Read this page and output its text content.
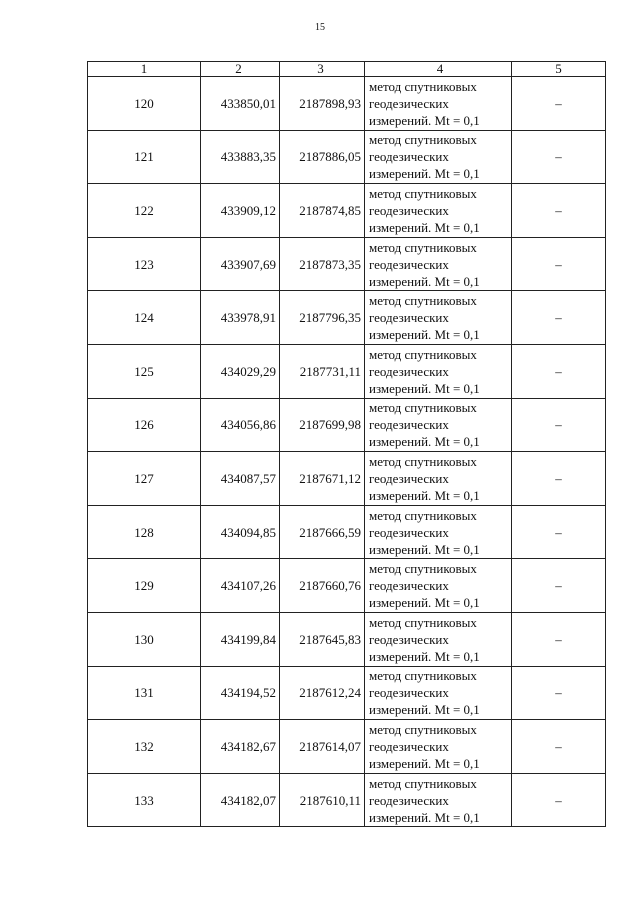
15
1	2	3	4	5
120	433850,01	2187898,93	метод спутниковых
геодезических
измерений. Mt = 0,1	–
121	433883,35	2187886,05	метод спутниковых
геодезических
измерений. Mt = 0,1	–
122	433909,12	2187874,85	метод спутниковых
геодезических
измерений. Mt = 0,1	–
123	433907,69	2187873,35	метод спутниковых
геодезических
измерений. Mt = 0,1	–
124	433978,91	2187796,35	метод спутниковых
геодезических
измерений. Mt = 0,1	–
125	434029,29	2187731,11	метод спутниковых
геодезических
измерений. Mt = 0,1	–
126	434056,86	2187699,98	метод спутниковых
геодезических
измерений. Mt = 0,1	–
127	434087,57	2187671,12	метод спутниковых
геодезических
измерений. Mt = 0,1	–
128	434094,85	2187666,59	метод спутниковых
геодезических
измерений. Mt = 0,1	–
129	434107,26	2187660,76	метод спутниковых
геодезических
измерений. Mt = 0,1	–
130	434199,84	2187645,83	метод спутниковых
геодезических
измерений. Mt = 0,1	–
131	434194,52	2187612,24	метод спутниковых
геодезических
измерений. Mt = 0,1	–
132	434182,67	2187614,07	метод спутниковых
геодезических
измерений. Mt = 0,1	–
133	434182,07	2187610,11	метод спутниковых
геодезических
измерений. Mt = 0,1	–
